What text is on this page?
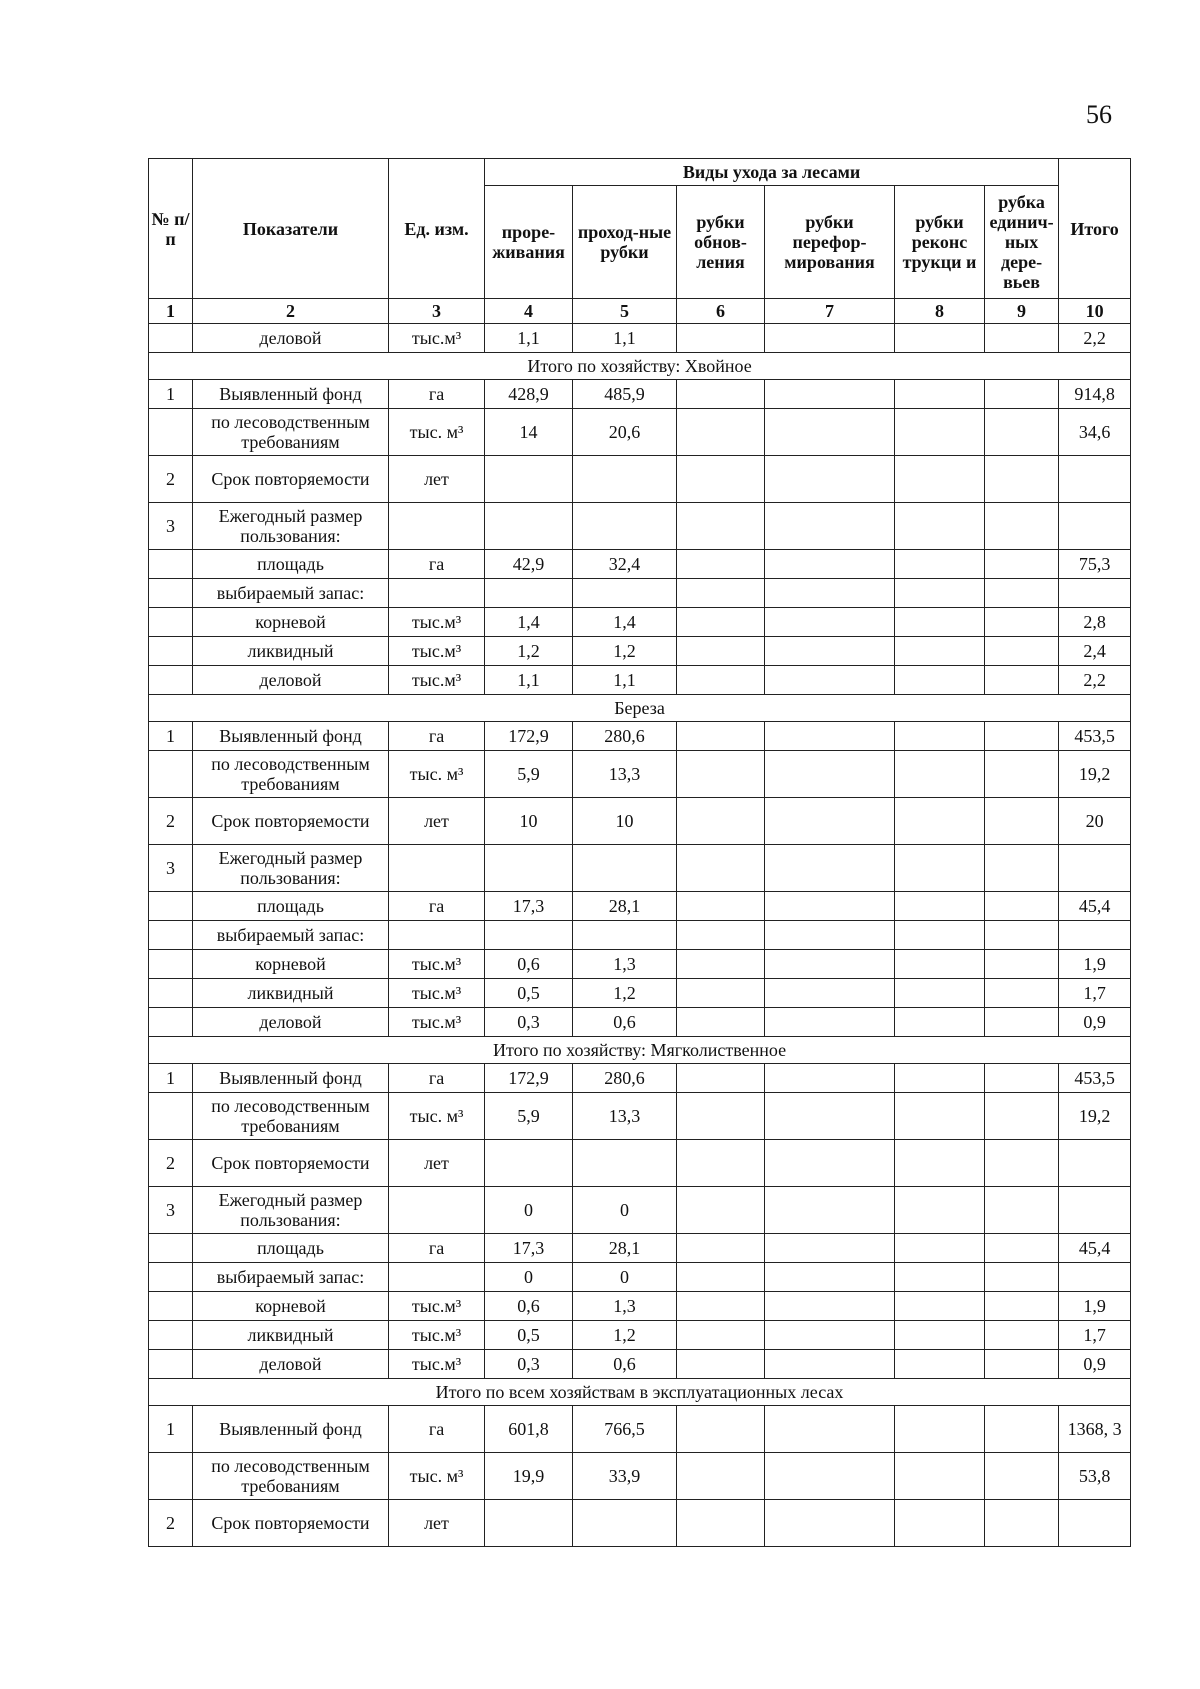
56
№ п/ п	Показатели	Ед. изм.	Виды ухода за лесами						Итого
			проре-живания	проход-ные рубки	рубки обнов-ления	рубки перефор-мирования	рубки реконс трукци и	рубка единич-ных дере-вьев	
1	2	3	4	5	6	7	8	9	10
	деловой	тыс.м³	1,1	1,1					2,2
Итого по хозяйству: Хвойное									
1	Выявленный фонд	га	428,9	485,9					914,8
	по лесоводственным требованиям	тыс. м³	14	20,6					34,6
2	Срок повторяемости	лет							
3	Ежегодный размер пользования:								
	площадь	га	42,9	32,4					75,3
	выбираемый запас:								
	корневой	тыс.м³	1,4	1,4					2,8
	ликвидный	тыс.м³	1,2	1,2					2,4
	деловой	тыс.м³	1,1	1,1					2,2
Береза									
1	Выявленный фонд	га	172,9	280,6					453,5
	по лесоводственным требованиям	тыс. м³	5,9	13,3					19,2
2	Срок повторяемости	лет	10	10					20
3	Ежегодный размер пользования:								
	площадь	га	17,3	28,1					45,4
	выбираемый запас:								
	корневой	тыс.м³	0,6	1,3					1,9
	ликвидный	тыс.м³	0,5	1,2					1,7
	деловой	тыс.м³	0,3	0,6					0,9
Итого по хозяйству: Мягколиственное									
1	Выявленный фонд	га	172,9	280,6					453,5
	по лесоводственным требованиям	тыс. м³	5,9	13,3					19,2
2	Срок повторяемости	лет							
3	Ежегодный размер пользования:		0	0					
	площадь	га	17,3	28,1					45,4
	выбираемый запас:		0	0					
	корневой	тыс.м³	0,6	1,3					1,9
	ликвидный	тыс.м³	0,5	1,2					1,7
	деловой	тыс.м³	0,3	0,6					0,9
Итого по всем хозяйствам в эксплуатационных лесах									
1	Выявленный фонд	га	601,8	766,5					1368, 3
	по лесоводственным требованиям	тыс. м³	19,9	33,9					53,8
2	Срок повторяемости	лет							
